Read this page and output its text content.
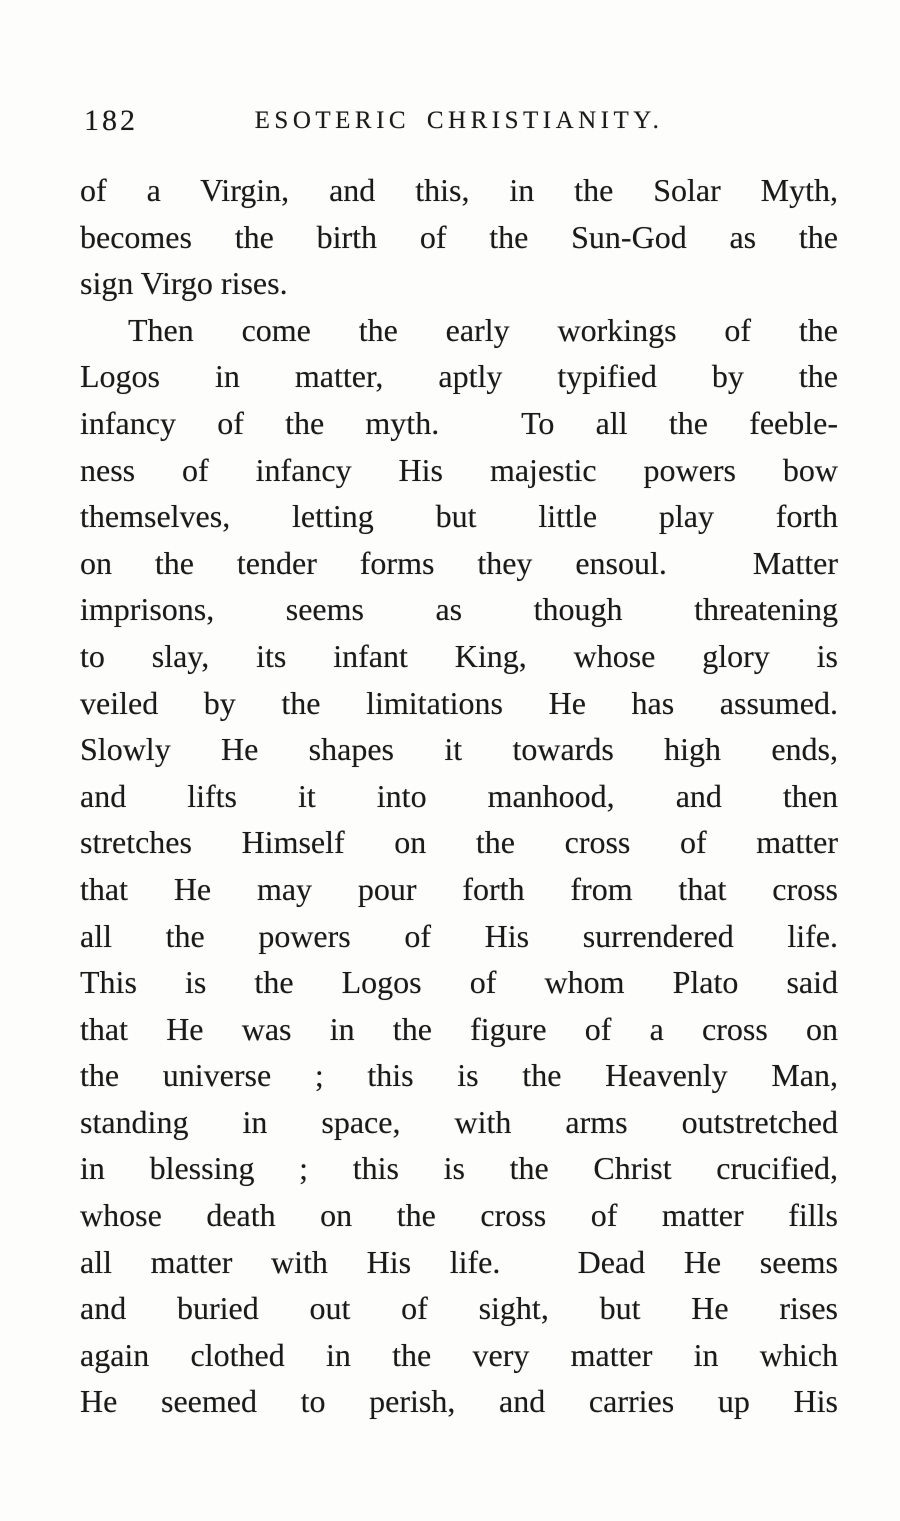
182	ESOTERIC CHRISTIANITY.
of a Virgin, and this, in the Solar Myth,
becomes the birth of the Sun-God as the
sign Virgo rises.
Then come the early workings of the
Logos in matter, aptly typified by the
infancy of the myth.  To all the feeble-
ness of infancy His majestic powers bow
themselves, letting but little play forth
on the tender forms they ensoul.  Matter
imprisons, seems as though threatening
to slay, its infant King, whose glory is
veiled by the limitations He has assumed.
Slowly He shapes it towards high ends,
and lifts it into manhood, and then
stretches Himself on the cross of matter
that He may pour forth from that cross
all the powers of His surrendered life.
This is the Logos of whom Plato said
that He was in the figure of a cross on
the universe ; this is the Heavenly Man,
standing in space, with arms outstretched
in blessing ; this is the Christ crucified,
whose death on the cross of matter fills
all matter with His life.  Dead He seems
and buried out of sight, but He rises
again clothed in the very matter in which
He seemed to perish, and carries up His
